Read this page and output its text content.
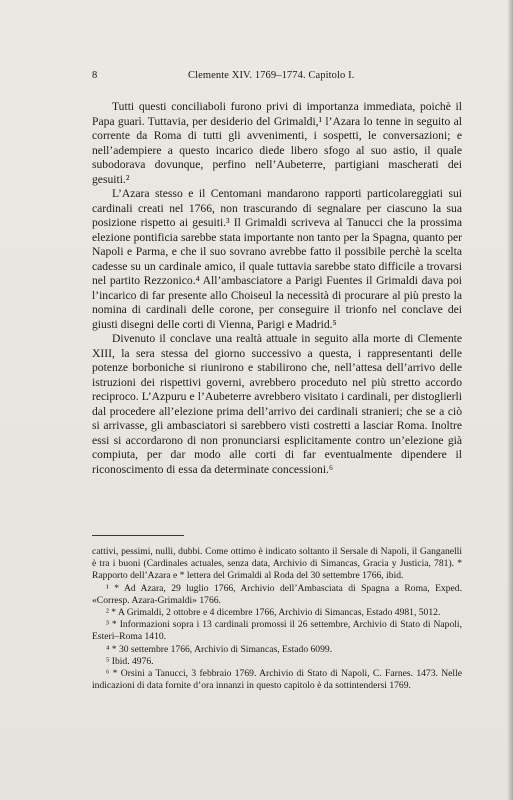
8	Clemente XIV. 1769–1774. Capitolo I.

Tutti questi conciliaboli furono privi di importanza immediata, poichè il Papa guarì. Tuttavia, per desiderio del Grimaldi,¹ l’Azara lo tenne in seguito al corrente da Roma di tutti gli avvenimenti, i sospetti, le conversazioni; e nell’adempiere a questo incarico diede libero sfogo al suo astio, il quale subodorava dovunque, perfino nell’Aubeterre, partigiani mascherati dei gesuiti.²

L’Azara stesso e il Centomani mandarono rapporti particolareggiati sui cardinali creati nel 1766, non trascurando di segnalare per ciascuno la sua posizione rispetto ai gesuiti.³ Il Grimaldi scriveva al Tanucci che la prossima elezione pontificia sarebbe stata importante non tanto per la Spagna, quanto per Napoli e Parma, e che il suo sovrano avrebbe fatto il possibile perchè la scelta cadesse su un cardinale amico, il quale tuttavia sarebbe stato difficile a trovarsi nel partito Rezzonico.⁴ All’ambasciatore a Parigi Fuentes il Grimaldi dava poi l’incarico di far presente allo Choiseul la necessità di procurare al più presto la nomina di cardinali delle corone, per conseguire il trionfo nel conclave dei giusti disegni delle corti di Vienna, Parigi e Madrid.⁵

Divenuto il conclave una realtà attuale in seguito alla morte di Clemente XIII, la sera stessa del giorno successivo a questa, i rappresentanti delle potenze borboniche si riunirono e stabilirono che, nell’attesa dell’arrivo delle istruzioni dei rispettivi governi, avrebbero proceduto nel più stretto accordo reciproco. L’Azpuru e l’Aubeterre avrebbero visitato i cardinali, per distoglierli dal procedere all’elezione prima dell’arrivo dei cardinali stranieri; che se a ciò si arrivasse, gli ambasciatori si sarebbero visti costretti a lasciar Roma. Inoltre essi si accordarono di non pronunciarsi esplicitamente contro un’elezione già compiuta, per dar modo alle corti di far eventualmente dipendere il riconoscimento di essa da determinate concessioni.⁶

cattivi, pessimi, nulli, dubbi. Come ottimo è indicato soltanto il Sersale di Napoli, il Ganganelli è tra i buoni (Cardinales actuales, senza data, Archivio di Simancas, Gracia y Justicia, 781). * Rapporto dell’Azara e * lettera del Grimaldi al Roda del 30 settembre 1766, ibid.

¹ * Ad Azara, 29 luglio 1766, Archivio dell’Ambasciata di Spagna a Roma, Exped. «Corresp. Azara-Grimaldi» 1766.

² * A Grimaldi, 2 ottobre e 4 dicembre 1766, Archivio di Simancas, Estado 4981, 5012.

³ * Informazioni sopra i 13 cardinali promossi il 26 settembre, Archivio di Stato di Napoli, Esteri–Roma 1410.

⁴ * 30 settembre 1766, Archivio di Simancas, Estado 6099.

⁵ Ibid. 4976.

⁶ * Orsini a Tanucci, 3 febbraio 1769. Archivio di Stato di Napoli, C. Farnes. 1473. Nelle indicazioni di data fornite d’ora innanzi in questo capitolo è da sottintendersi 1769.
